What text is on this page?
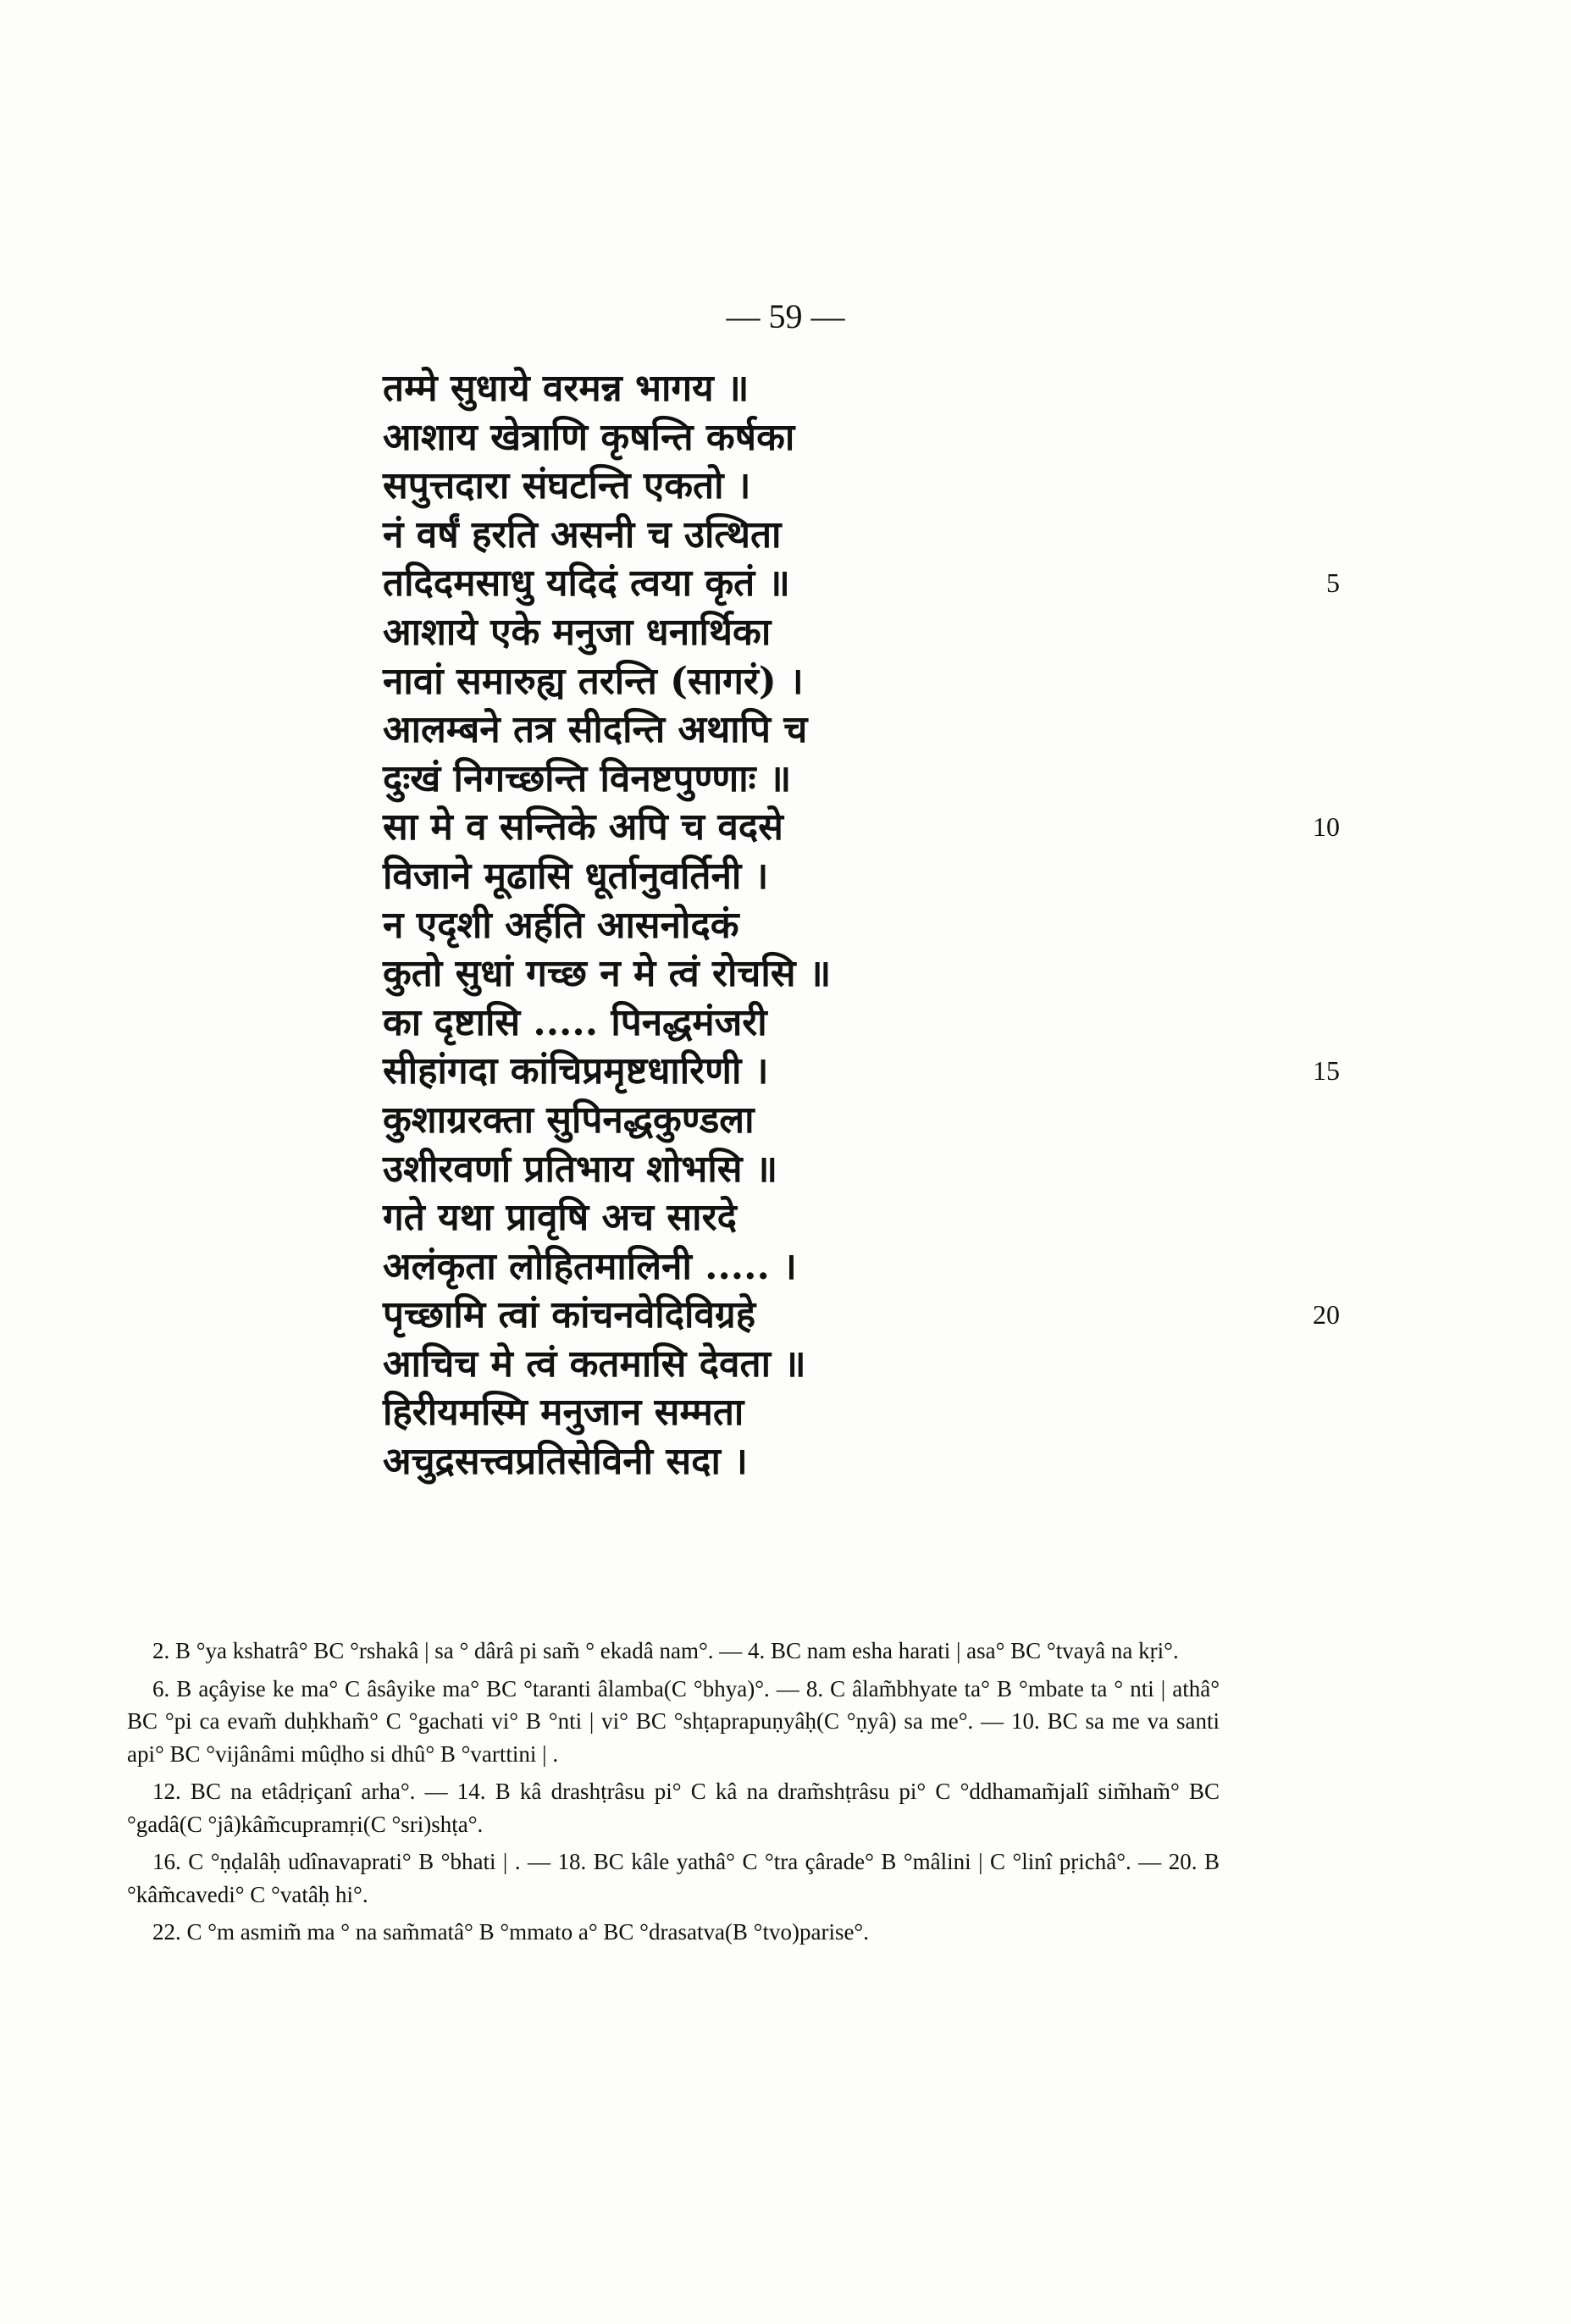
— 59 —
तम्मे सुधाये वरमन्न भागय ॥
आशाय खेत्राणि कृषन्ति कर्षका
सपुत्तदारा संघटन्ति एकतो ।
नं वर्षं हरति असनी च उत्थिता
तदिदमसाधु यदिदं त्वया कृतं ॥	5
आशाये एके मनुजा धनार्थिका
नावां समारुह्य तरन्ति (सागरं) ।
आलम्बने तत्र सीदन्ति अथापि च
दुःखं निगच्छन्ति विनष्टपुण्णाः ॥
सा मे व सन्तिके अपि च वदसे	10
विजाने मूढासि धूर्तानुवर्तिनी ।
न एदृशी अर्हति आसनोदकं
कुतो सुधां गच्छ न मे त्वं रोचसि ॥
का दृष्टासि ..... पिनद्धमंजरी
सीहांगदा कांचिप्रमृष्टधारिणी ।	15
कुशाग्ररक्ता सुपिनद्धकुण्डला
उशीरवर्णा प्रतिभाय शोभसि ॥
गते यथा प्रावृषि अच सारदे
अलंकृता लोहितमालिनी ..... ।
पृच्छामि त्वां कांचनवेदिविग्रहे	20
आचिच मे त्वं कतमासि देवता ॥
हिरीयमस्मि मनुजान सम्मता
अचुद्रसत्त्वप्रतिसेविनी सदा ।

2. B °ya kshatrâ° BC °rshakâ | sa ° dârâ pi sam̃ ° ekadâ nam°. — 4. BC nam esha harati | asa° BC °tvayâ na kṛi°.

6. B açâyise ke ma° C âsâyike ma° BC °taranti âlamba(C °bhya)°. — 8. C âlam̃bhyate ta° B °mbate ta ° nti | athâ° BC °pi ca evam̃ duḥkham̃° C °gachati vi° B °nti | vi° BC °shṭaprapuṇyâḥ(C °ṇyâ) sa me°. — 10. BC sa me va santi api° BC °vijânâmi mûḍho si dhû° B °varttini | .

12. BC na etâdṛiçanî arha°. — 14. B kâ drashṭrâsu pi° C kâ na dram̃shṭrâsu pi° C °ddhamam̃jalî sim̃ham̃° BC °gadâ(C °jâ)kâm̃cupramṛi(C °sri)shṭa°.

16. C °ṇḍalâḥ udînavaprati° B °bhati | . — 18. BC kâle yathâ° C °tra çârade° B °mâlini | C °linî pṛichâ°. — 20. B °kâm̃cavedi° C °vatâḥ hi°.

22. C °m asmim̃ ma ° na sam̃matâ° B °mmato a° BC °drasatva(B °tvo)parise°.
